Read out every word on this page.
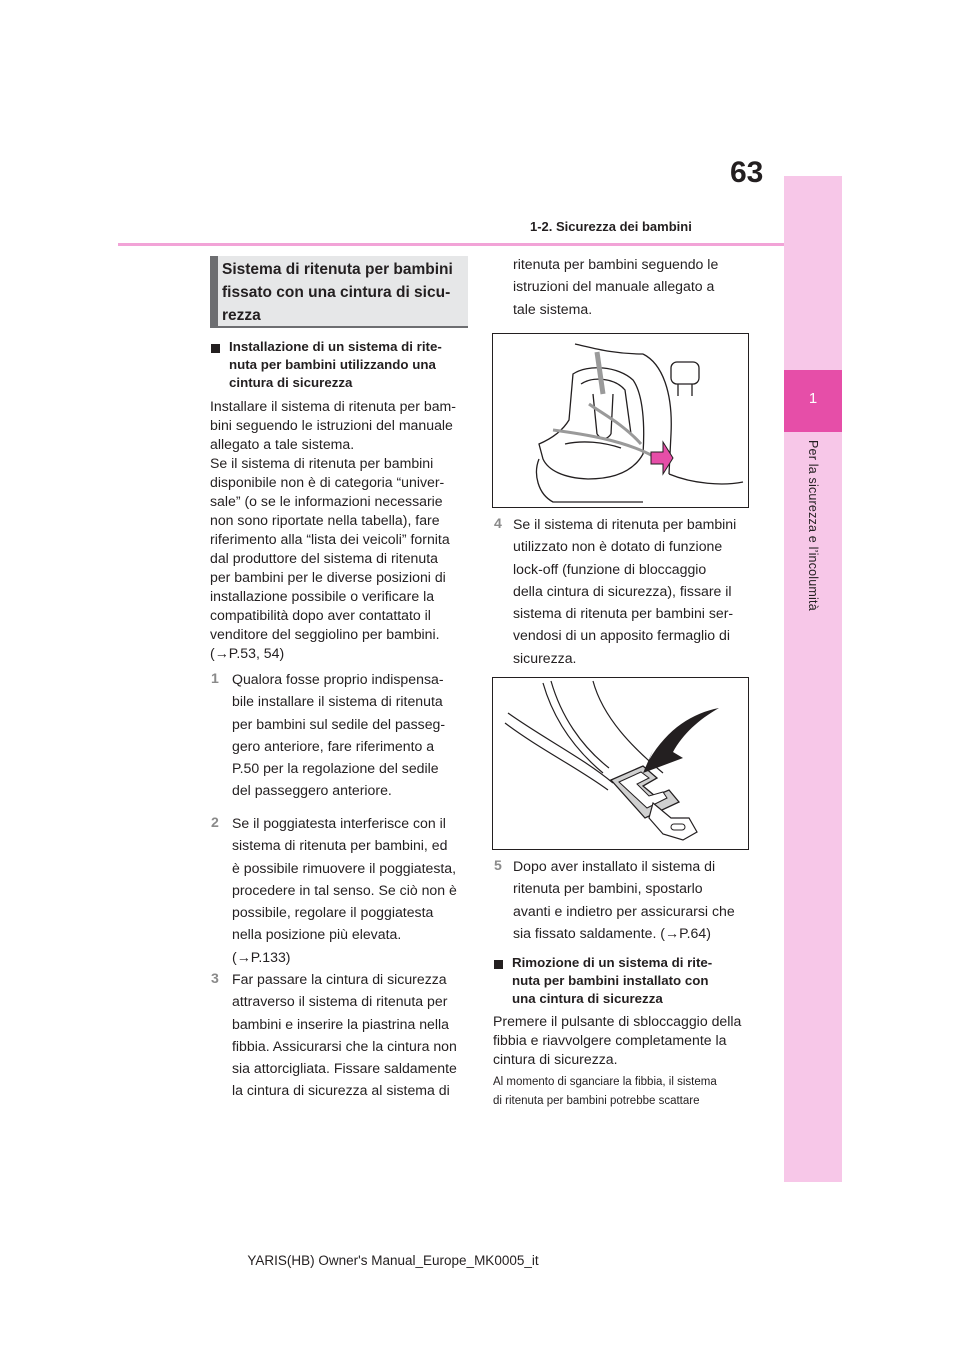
63
1-2. Sicurezza dei bambini
1
Per la sicurezza e l’incolumità
Sistema di ritenuta per bambini
fissato con una cintura di sicu-
rezza
Installazione di un sistema di rite-
nuta per bambini utilizzando una
cintura di sicurezza
Installare il sistema di ritenuta per bam-
bini seguendo le istruzioni del manuale
allegato a tale sistema.
Se il sistema di ritenuta per bambini
disponibile non è di categoria “univer-
sale” (o se le informazioni necessarie
non sono riportate nella tabella), fare
riferimento alla “lista dei veicoli” fornita
dal produttore del sistema di ritenuta
per bambini per le diverse posizioni di
installazione possibile o verificare la
compatibilità dopo aver contattato il
venditore del seggiolino per bambini.
(→P.53, 54)
1 Qualora fosse proprio indispensa-
bile installare il sistema di ritenuta
per bambini sul sedile del passeg-
gero anteriore, fare riferimento a
P.50 per la regolazione del sedile
del passeggero anteriore.
2 Se il poggiatesta interferisce con il
sistema di ritenuta per bambini, ed
è possibile rimuovere il poggiatesta,
procedere in tal senso. Se ciò non è
possibile, regolare il poggiatesta
nella posizione più elevata.
(→P.133)
3 Far passare la cintura di sicurezza
attraverso il sistema di ritenuta per
bambini e inserire la piastrina nella
fibbia. Assicurarsi che la cintura non
sia attorcigliata. Fissare saldamente
la cintura di sicurezza al sistema di
ritenuta per bambini seguendo le
istruzioni del manuale allegato a
tale sistema.
4 Se il sistema di ritenuta per bambini
utilizzato non è dotato di funzione
lock-off (funzione di bloccaggio
della cintura di sicurezza), fissare il
sistema di ritenuta per bambini ser-
vendosi di un apposito fermaglio di
sicurezza.
5 Dopo aver installato il sistema di
ritenuta per bambini, spostarlo
avanti e indietro per assicurarsi che
sia fissato saldamente. (→P.64)
Rimozione di un sistema di rite-
nuta per bambini installato con
una cintura di sicurezza
Premere il pulsante di sbloccaggio della
fibbia e riavvolgere completamente la
cintura di sicurezza.
Al momento di sganciare la fibbia, il sistema
di ritenuta per bambini potrebbe scattare
YARIS(HB) Owner's Manual_Europe_MK0005_it
